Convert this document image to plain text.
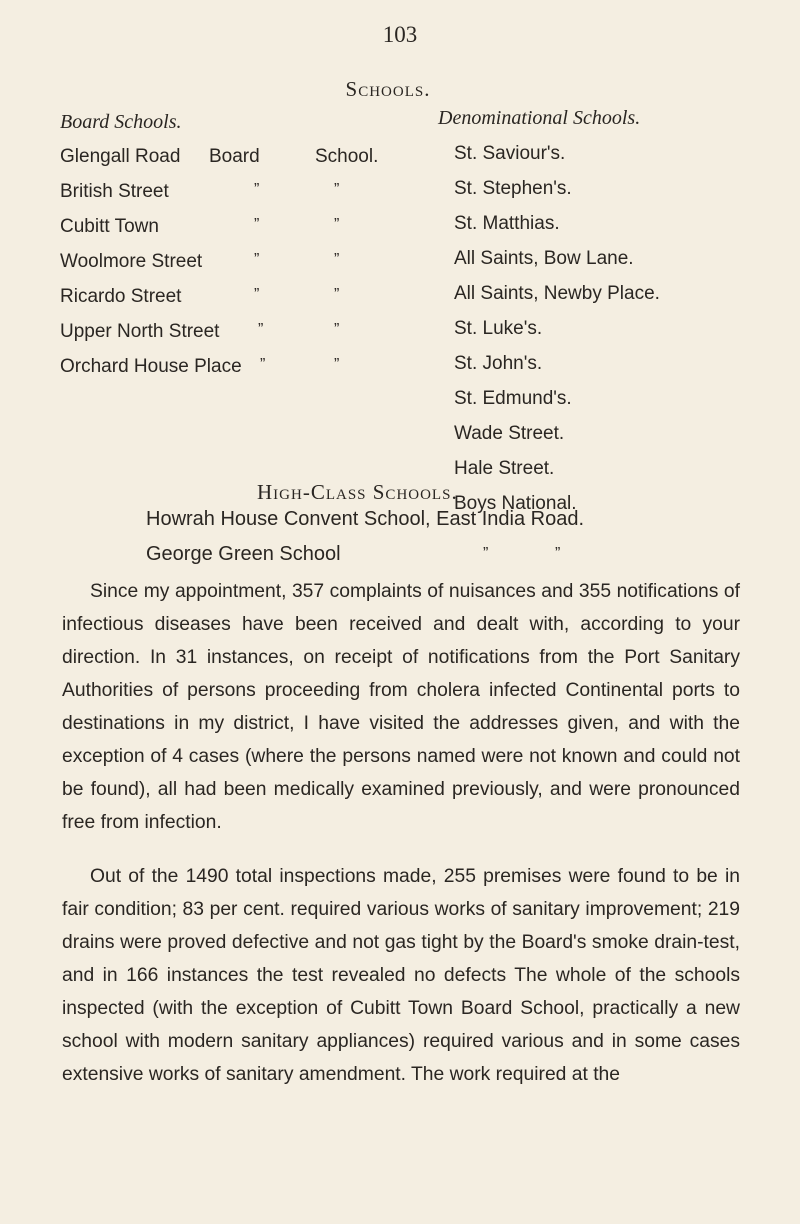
103
Schools.
Board Schools.
Glengall Road Board	School.
British Street	”	”
Cubitt Town	”	”
Woolmore Street	”	”
Ricardo Street	”	”
Upper North Street ”	”
Orchard House Place ”	”
Denominational Schools.
St. Saviour's.
St. Stephen's.
St. Matthias.
All Saints, Bow Lane.
All Saints, Newby Place.
St. Luke's.
St. John's.
St. Edmund's.
Wade Street.
Hale Street.
Boys National.
High-Class Schools.
Howrah House Convent School, East India Road.
George Green School	”	”

Since my appointment, 357 complaints of nuisances and 355 notifications of infectious diseases have been received and dealt with, according to your direction. In 31 instances, on receipt of notifications from the Port Sanitary Authorities of persons proceeding from cholera infected Continental ports to destinations in my district, I have visited the addresses given, and with the exception of 4 cases (where the persons named were not known and could not be found), all had been medically examined previously, and were pronounced free from infection.

Out of the 1490 total inspections made, 255 premises were found to be in fair condition; 83 per cent. required various works of sanitary improvement; 219 drains were proved defective and not gas tight by the Board's smoke drain-test, and in 166 instances the test revealed no defects The whole of the schools inspected (with the exception of Cubitt Town Board School, practically a new school with modern sanitary appliances) required various and in some cases extensive works of sanitary amendment. The work required at the
